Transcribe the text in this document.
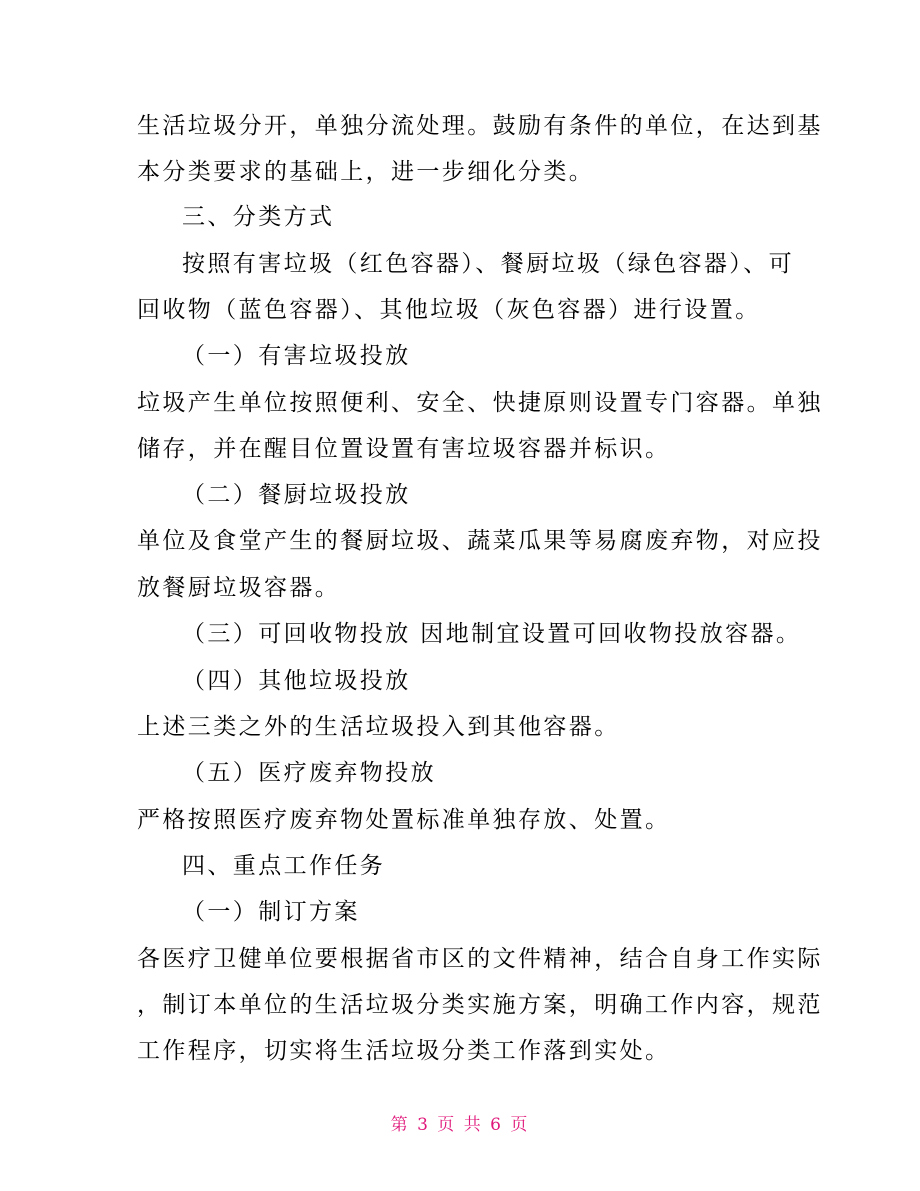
生活垃圾分开，单独分流处理。鼓励有条件的单位，在达到基
本分类要求的基础上，进一步细化分类。
三、分类方式
按照有害垃圾（红色容器）、餐厨垃圾（绿色容器）、可
回收物（蓝色容器）、其他垃圾（灰色容器）进行设置。
（一）有害垃圾投放
垃圾产生单位按照便利、安全、快捷原则设置专门容器。单独
储存，并在醒目位置设置有害垃圾容器并标识。
（二）餐厨垃圾投放
单位及食堂产生的餐厨垃圾、蔬菜瓜果等易腐废弃物，对应投
放餐厨垃圾容器。
（三）可回收物投放 因地制宜设置可回收物投放容器。
（四）其他垃圾投放
上述三类之外的生活垃圾投入到其他容器。
（五）医疗废弃物投放
严格按照医疗废弃物处置标准单独存放、处置。
四、重点工作任务
（一）制订方案
各医疗卫健单位要根据省市区的文件精神，结合自身工作实际
，制订本单位的生活垃圾分类实施方案，明确工作内容，规范
工作程序，切实将生活垃圾分类工作落到实处。
第 3 页 共 6 页
